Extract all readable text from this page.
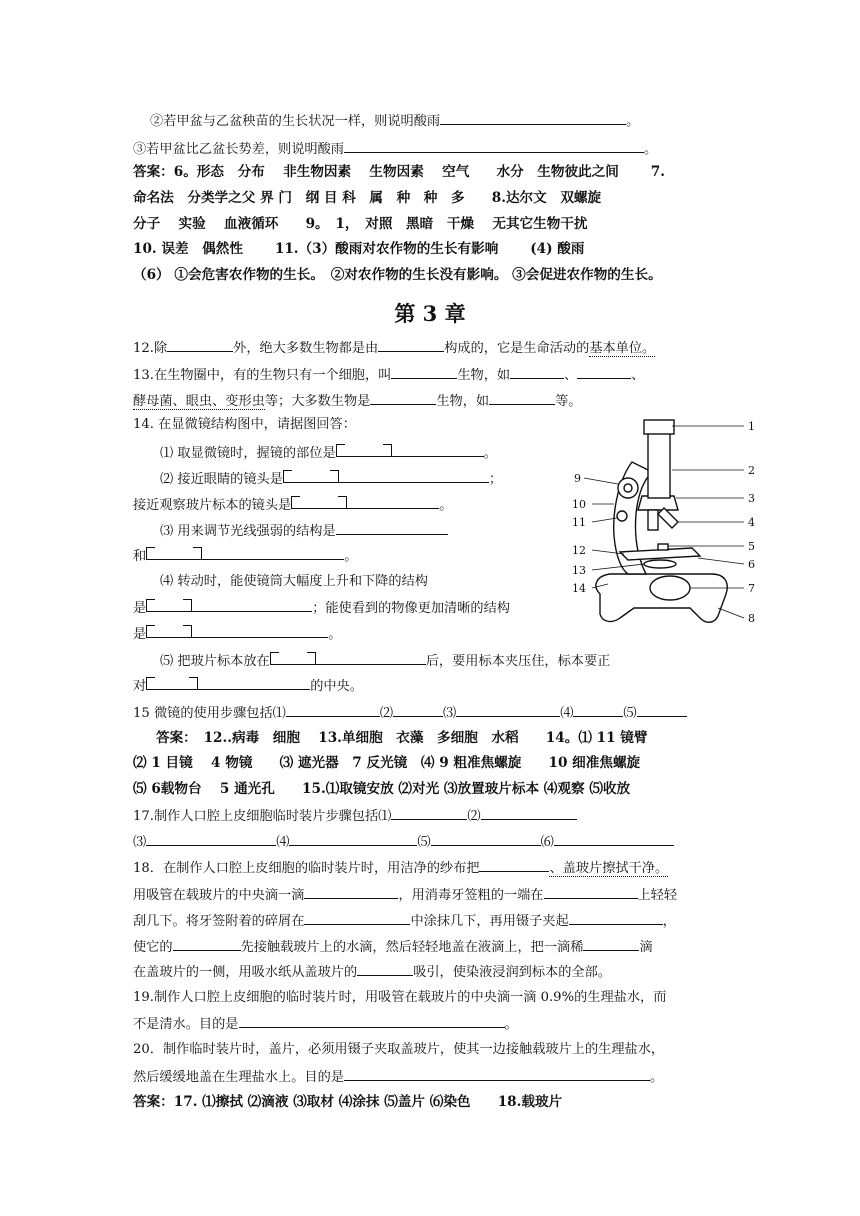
②若甲盆与乙盆秧苗的生长状况一样，则说明酸雨	。
③若甲盆比乙盆长势差，则说明酸雨	。
答案：6。形态　分布　 非生物因素　 生物因素　 空气　　水分　生物彼此之间　　 7.
命名法　分类学之父 界 门　纲 目 科　属　种　种　多　　8.达尔文　双螺旋
分子　 实验　 血液循环　　9。　1，　对照　黑暗　干燥　 无其它生物干扰
10. 误差　偶然性　　 11.（3）酸雨对农作物的生长有影响　　 (4) 酸雨
（6） ①会危害农作物的生长。　②对农作物的生长没有影响。 ③会促进农作物的生长。
第 3 章
12.除	外，绝大多数生物都是由	构成的，它是生命活动的基本单位。
13.在生物圈中，有的生物只有一个细胞，叫	生物，如	、	、
酵母菌、眼虫、变形虫等；大多数生物是	生物，如	等。
14. 在显微镜结构图中，请据图回答：
⑴ 取显微镜时，握镜的部位是	。
⑵ 接近眼睛的镜头是	；
接近观察玻片标本的镜头是	。
⑶ 用来调节光线强弱的结构是
和	。
⑷ 转动时，能使镜筒大幅度上升和下降的结构
是	；能使看到的物像更加清晰的结构
是	。
⑸ 把玻片标本放在	后，要用标本夹压住，标本要正
对	的中央。
15 微镜的使用步骤包括⑴	⑵	⑶	⑷	⑸
答案：　12..病毒　细胞　 13.单细胞　衣藻　多细胞　水稻　　14。⑴ 11 镜臂
⑵ 1 目镜　 4 物镜　　⑶ 遮光器　7 反光镜　⑷ 9 粗准焦螺旋　　10 细准焦螺旋
⑸ 6载物台　 5 通光孔　　15.⑴取镜安放 ⑵对光 ⑶放置玻片标本 ⑷观察 ⑸收放
17.制作人口腔上皮细胞临时装片步骤包括⑴	⑵
⑶	⑷	⑸	⑹
18．在制作人口腔上皮细胞的临时装片时，用洁净的纱布把	、盖玻片擦拭干净。
用吸管在载玻片的中央滴一滴	，用消毒牙签粗的一端在	上轻轻
刮几下。将牙签附着的碎屑在	中涂抹几下，再用镊子夹起	，
使它的	先接触载玻片上的水滴，然后轻轻地盖在液滴上，把一滴稀	滴
在盖玻片的一侧，用吸水纸从盖玻片的	吸引，使染液浸润到标本的全部。
19.制作人口腔上皮细胞的临时装片时，用吸管在载玻片的中央滴一滴 0.9%的生理盐水，而
不是清水。目的是	。
20．制作临时装片时，盖片，必须用镊子夹取盖玻片，使其一边接触载玻片上的生理盐水，
然后缓缓地盖在生理盐水上。目的是	。
答案：17. ⑴擦拭 ⑵滴液 ⑶取材 ⑷涂抹 ⑸盖片 ⑹染色　　18.载玻片
1
2
3
4
5
6
7
8
9
10
11
12
13
14
